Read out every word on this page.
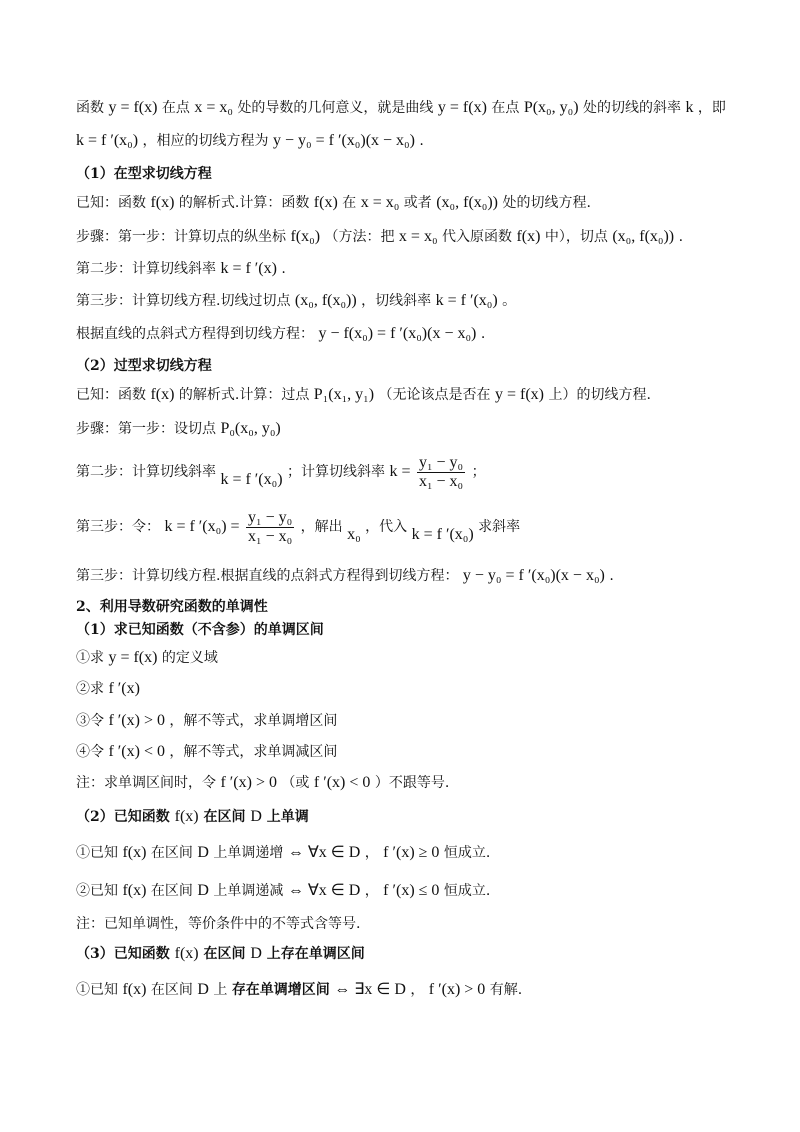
函数 y = f(x) 在点 x = x₀ 处的导数的几何意义，就是曲线 y = f(x) 在点 P(x₀, y₀) 处的切线的斜率 k ，即
k = f ′(x₀) ，相应的切线方程为 y − y₀ = f ′(x₀)(x − x₀) .
（1）在型求切线方程
已知：函数 f(x) 的解析式.计算：函数 f(x) 在 x = x₀ 或者 (x₀, f(x₀)) 处的切线方程.
步骤：第一步：计算切点的纵坐标 f(x₀) （方法：把 x = x₀ 代入原函数 f(x) 中），切点 (x₀, f(x₀)) .
第二步：计算切线斜率 k = f ′(x) .
第三步：计算切线方程.切线过切点 (x₀, f(x₀)) ，切线斜率 k = f ′(x₀) 。
根据直线的点斜式方程得到切线方程： y − f(x₀) = f ′(x₀)(x − x₀) .
（2）过型求切线方程
已知：函数 f(x) 的解析式.计算：过点 P₁(x₁, y₁) （无论该点是否在 y = f(x) 上）的切线方程.
步骤：第一步：设切点 P₀(x₀, y₀)
第二步：计算切线斜率 k = f ′(x₀) ；计算切线斜率 $k = \frac{\text{y₁ − y₀}}{\text{x₁ − x₀}}$ ；
第三步：令： k = f $'(x_0) = \frac{\text{y₁ − y₀}}{\text{x₁ − x₀}}$ ，解出 x₀ ，代入 k = f ′(x₀) 求斜率
第三步：计算切线方程.根据直线的点斜式方程得到切线方程： y − y₀ = f ′(x₀)(x − x₀) .
2、利用导数研究函数的单调性
（1）求已知函数（不含参）的单调区间
①求 y = f(x) 的定义域
②求 f ′(x)
③令 f ′(x) > 0 ，解不等式，求单调增区间
④令 f ′(x) < 0 ，解不等式，求单调减区间
注：求单调区间时，令 f ′(x) > 0 （或 f ′(x) < 0 ）不跟等号.
（2）已知函数 f(x) 在区间 D 上单调
①已知 f(x) 在区间 D 上单调递增 ⇔ ∀x ∈ D ， f ′(x) ≥ 0 恒成立.
②已知 f(x) 在区间 D 上单调递减 ⇔ ∀x ∈ D ， f ′(x) ≤ 0 恒成立.
注：已知单调性，等价条件中的不等式含等号.
（3）已知函数 f(x) 在区间 D 上存在单调区间
①已知 f(x) 在区间 D 上 存在单调增区间 ⇔ ∃x ∈ D ， f ′(x) > 0 有解.
